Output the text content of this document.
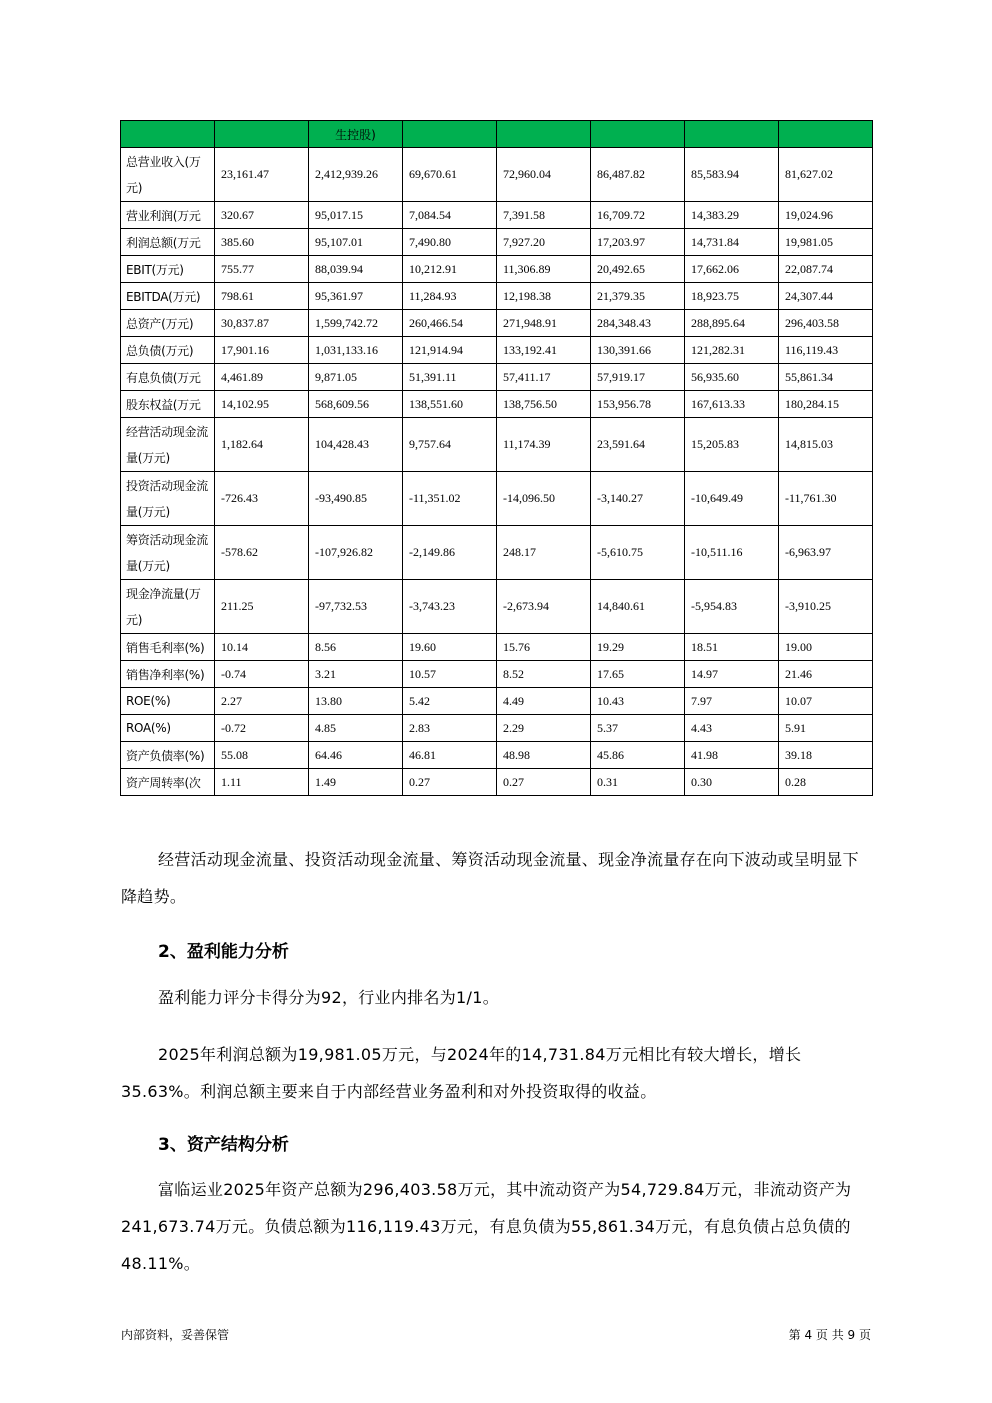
		生控股)					
总营业收入(万元)	23,161.47	2,412,939.26	69,670.61	72,960.04	86,487.82	85,583.94	81,627.02
营业利润(万元	320.67	95,017.15	7,084.54	7,391.58	16,709.72	14,383.29	19,024.96
利润总额(万元	385.60	95,107.01	7,490.80	7,927.20	17,203.97	14,731.84	19,981.05
EBIT(万元)	755.77	88,039.94	10,212.91	11,306.89	20,492.65	17,662.06	22,087.74
EBITDA(万元)	798.61	95,361.97	11,284.93	12,198.38	21,379.35	18,923.75	24,307.44
总资产(万元)	30,837.87	1,599,742.72	260,466.54	271,948.91	284,348.43	288,895.64	296,403.58
总负债(万元)	17,901.16	1,031,133.16	121,914.94	133,192.41	130,391.66	121,282.31	116,119.43
有息负债(万元	4,461.89	9,871.05	51,391.11	57,411.17	57,919.17	56,935.60	55,861.34
股东权益(万元	14,102.95	568,609.56	138,551.60	138,756.50	153,956.78	167,613.33	180,284.15
经营活动现金流量(万元)	1,182.64	104,428.43	9,757.64	11,174.39	23,591.64	15,205.83	14,815.03
投资活动现金流量(万元)	-726.43	-93,490.85	-11,351.02	-14,096.50	-3,140.27	-10,649.49	-11,761.30
筹资活动现金流量(万元)	-578.62	-107,926.82	-2,149.86	248.17	-5,610.75	-10,511.16	-6,963.97
现金净流量(万元)	211.25	-97,732.53	-3,743.23	-2,673.94	14,840.61	-5,954.83	-3,910.25
销售毛利率(%)	10.14	8.56	19.60	15.76	19.29	18.51	19.00
销售净利率(%)	-0.74	3.21	10.57	8.52	17.65	14.97	21.46
ROE(%)	2.27	13.80	5.42	4.49	10.43	7.97	10.07
ROA(%)	-0.72	4.85	2.83	2.29	5.37	4.43	5.91
资产负债率(%)	55.08	64.46	46.81	48.98	45.86	41.98	39.18
资产周转率(次	1.11	1.49	0.27	0.27	0.31	0.30	0.28
经营活动现金流量、投资活动现金流量、筹资活动现金流量、现金净流量存在向下波动或呈明显下降趋势。
2、盈利能力分析
盈利能力评分卡得分为92，行业内排名为1/1。
2025年利润总额为19,981.05万元，与2024年的14,731.84万元相比有较大增长，增长35.63%。利润总额主要来自于内部经营业务盈利和对外投资取得的收益。
3、资产结构分析
富临运业2025年资产总额为296,403.58万元，其中流动资产为54,729.84万元，非流动资产为241,673.74万元。负债总额为116,119.43万元，有息负债为55,861.34万元，有息负债占总负债的48.11%。
内部资料，妥善保管	第 4 页 共 9 页
